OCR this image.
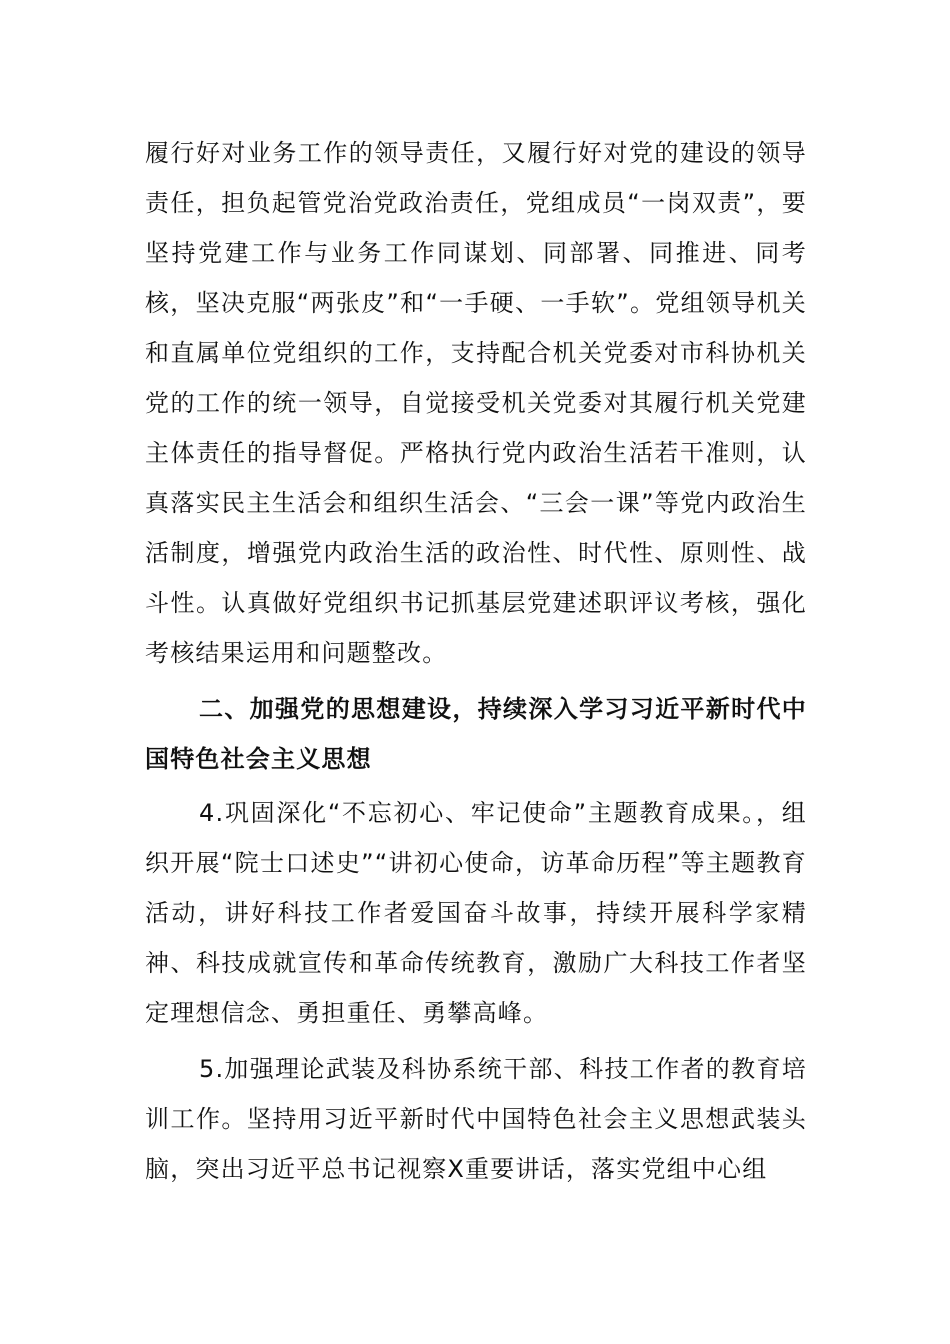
履行好对业务工作的领导责任，又履行好对党的建设的领导责任，担负起管党治党政治责任，党组成员“一岗双责”，要坚持党建工作与业务工作同谋划、同部署、同推进、同考核，坚决克服“两张皮”和“一手硬、一手软”。党组领导机关和直属单位党组织的工作，支持配合机关党委对市科协机关党的工作的统一领导，自觉接受机关党委对其履行机关党建主体责任的指导督促。严格执行党内政治生活若干准则，认真落实民主生活会和组织生活会、“三会一课”等党内政治生活制度，增强党内政治生活的政治性、时代性、原则性、战斗性。认真做好党组织书记抓基层党建述职评议考核，强化考核结果运用和问题整改。

二、加强党的思想建设，持续深入学习习近平新时代中国特色社会主义思想

4.巩固深化“不忘初心、牢记使命”主题教育成果。，组织开展“院士口述史”“讲初心使命，访革命历程”等主题教育活动，讲好科技工作者爱国奋斗故事，持续开展科学家精神、科技成就宣传和革命传统教育，激励广大科技工作者坚定理想信念、勇担重任、勇攀高峰。

5.加强理论武装及科协系统干部、科技工作者的教育培训工作。坚持用习近平新时代中国特色社会主义思想武装头脑，突出习近平总书记视察X重要讲话，落实党组中心组
